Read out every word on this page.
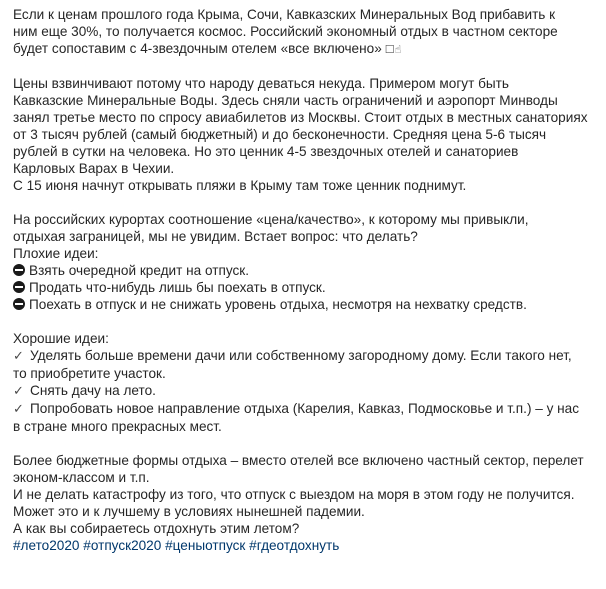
Если к ценам прошлого года Крыма, Сочи, Кавказских Минеральных Вод прибавить к
ним еще 30%, то получается космос. Российский экономный отдых в частном секторе
будет сопоставим с 4-звездочным отелем «все включено» ☐☝

Цены взвинчивают потому что народу деваться некуда. Примером могут быть
Кавказские Минеральные Воды. Здесь сняли часть ограничений и аэропорт Минводы
занял третье место по спросу авиабилетов из Москвы. Стоит отдых в местных санаториях
от 3 тысяч рублей (самый бюджетный) и до бесконечности. Средняя цена 5-6 тысяч
рублей в сутки на человека. Но это ценник 4-5 звездочных отелей и санаториев
Карловых Варах в Чехии.
С 15 июня начнут открывать пляжи в Крыму там тоже ценник поднимут.

На российских курортах соотношение «цена/качество», к которому мы привыкли,
отдыхая заграницей, мы не увидим. Встает вопрос: что делать?
Плохие идеи:

Взять очередной кредит на отпуск.
Продать что-нибудь лишь бы поехать в отпуск.
Поехать в отпуск и не снижать уровень отдыха, несмотря на нехватку средств.
Хорошие идеи:
✓ Уделять больше времени дачи или собственному загородному дому. Если такого нет,
то приобретите участок.
✓ Снять дачу на лето.
✓ Попробовать новое направление отдыха (Карелия, Кавказ, Подмосковье и т.п.) – у нас
в стране много прекрасных мест.

Более бюджетные формы отдыха – вместо отелей все включено частный сектор, перелет
эконом-классом и т.п.
И не делать катастрофу из того, что отпуск с выездом на моря в этом году не получится.
Может это и к лучшему в условиях нынешней падемии.
А как вы собираетесь отдохнуть этим летом?

#лето2020 #отпуск2020 #ценыотпуск #гдеотдохнуть
